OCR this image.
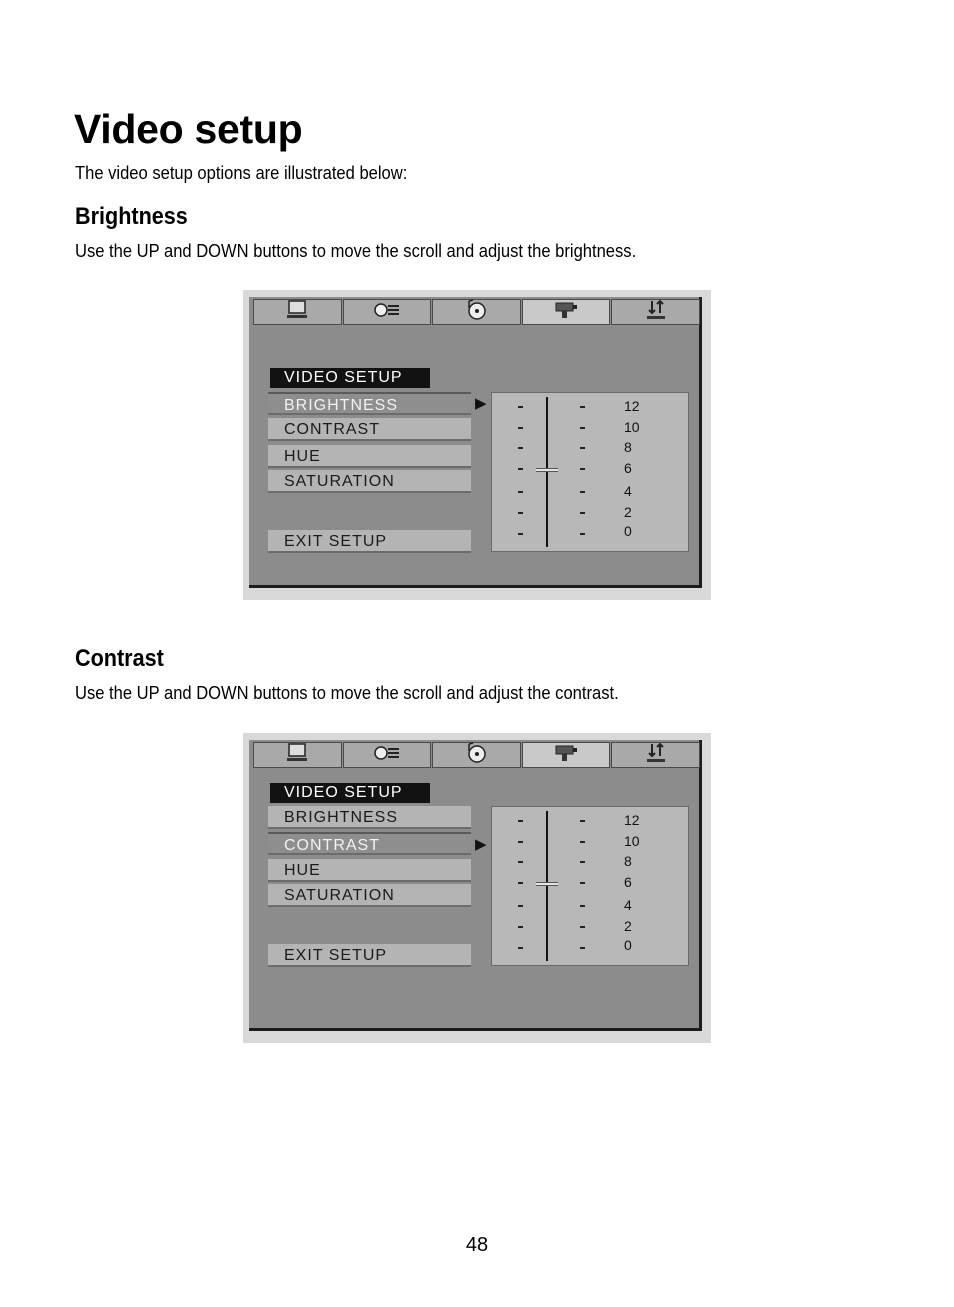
Video setup

The video setup options are illustrated below:

Brightness

Use the UP and DOWN buttons to move the scroll and adjust the brightness.

VIDEO SETUP
BRIGHTNESS
CONTRAST
HUE
SATURATION
EXIT SETUP
▶	12
10
8
6
4
2
0
Contrast

Use the UP and DOWN buttons to move the scroll and adjust the contrast.

VIDEO SETUP
BRIGHTNESS
CONTRAST
HUE
SATURATION
EXIT SETUP
▶
12
10
8
6
4
2
0
48
